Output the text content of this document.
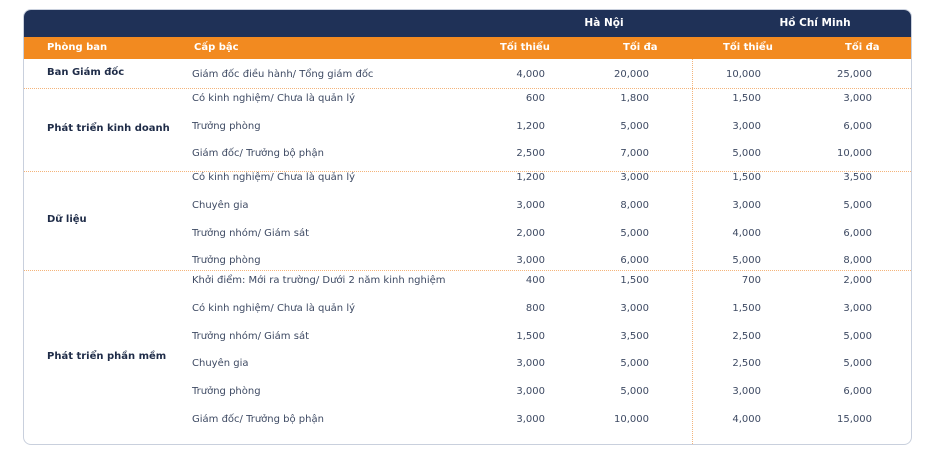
Hà Nội	Hồ Chí Minh
Phòng ban	Cấp bậc	Tối thiểu	Tối đa	Tối thiểu	Tối đa
Ban Giám đốc	Giám đốc điều hành/ Tổng giám đốc	4,000	20,000	10,000	25,000
Phát triển kinh doanh
Có kinh nghiệm/ Chưa là quản lý	600	1,800	1,500	3,000
Trưởng phòng	1,200	5,000	3,000	6,000
Giám đốc/ Trưởng bộ phận	2,500	7,000	5,000	10,000
Dữ liệu
Có kinh nghiệm/ Chưa là quản lý	1,200	3,000	1,500	3,500
Chuyên gia	3,000	8,000	3,000	5,000
Trưởng nhóm/ Giám sát	2,000	5,000	4,000	6,000
Trưởng phòng	3,000	6,000	5,000	8,000
Phát triển phần mềm
Khởi điểm: Mới ra trường/ Dưới 2 năm kinh nghiệm	400	1,500	700	2,000
Có kinh nghiệm/ Chưa là quản lý	800	3,000	1,500	3,000
Trưởng nhóm/ Giám sát	1,500	3,500	2,500	5,000
Chuyên gia	3,000	5,000	2,500	5,000
Trưởng phòng	3,000	5,000	3,000	6,000
Giám đốc/ Trưởng bộ phận	3,000	10,000	4,000	15,000
